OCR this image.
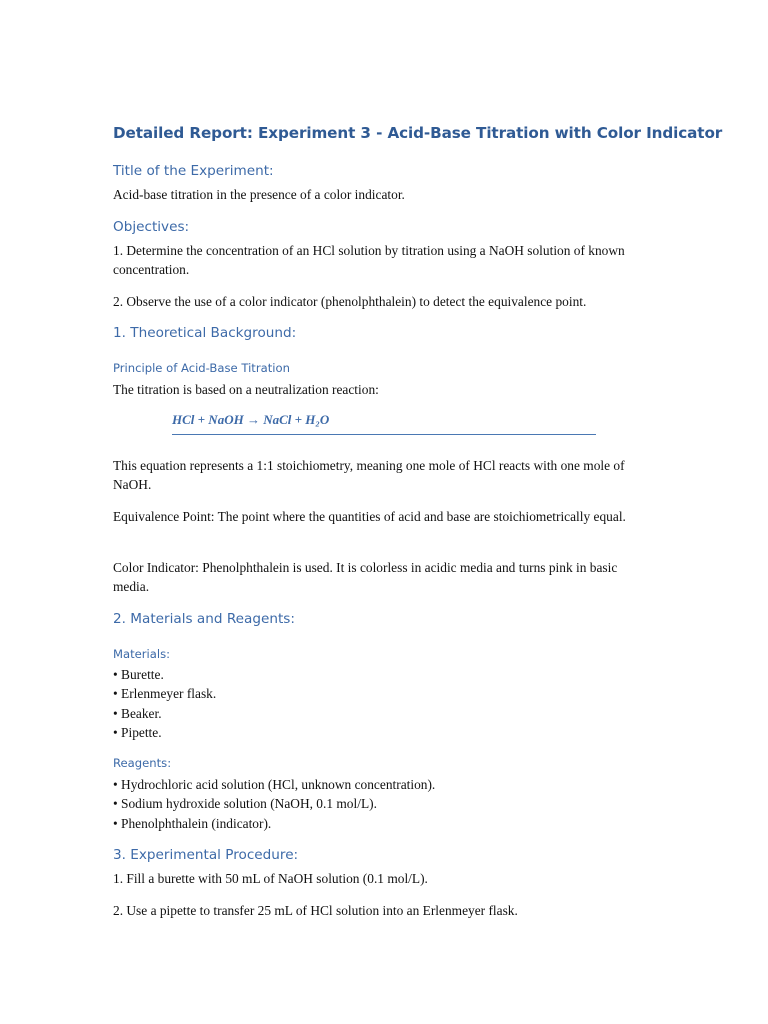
Detailed Report: Experiment 3 - Acid-Base Titration with Color Indicator
Title of the Experiment:

Acid-base titration in the presence of a color indicator.

Objectives:

1. Determine the concentration of an HCl solution by titration using a NaOH solution of known concentration.

2. Observe the use of a color indicator (phenolphthalein) to detect the equivalence point.

1. Theoretical Background:
Principle of Acid-Base Titration

The titration is based on a neutralization reaction:

HCl + NaOH → NaCl + H₂O

This equation represents a 1:1 stoichiometry, meaning one mole of HCl reacts with one mole of NaOH.

Equivalence Point: The point where the quantities of acid and base are stoichiometrically equal.

Color Indicator: Phenolphthalein is used. It is colorless in acidic media and turns pink in basic media.

2. Materials and Reagents:
Materials:
• Burette.
• Erlenmeyer flask.
• Beaker.
• Pipette.
Reagents:
• Hydrochloric acid solution (HCl, unknown concentration).
• Sodium hydroxide solution (NaOH, 0.1 mol/L).
• Phenolphthalein (indicator).
3. Experimental Procedure:

1. Fill a burette with 50 mL of NaOH solution (0.1 mol/L).

2. Use a pipette to transfer 25 mL of HCl solution into an Erlenmeyer flask.
